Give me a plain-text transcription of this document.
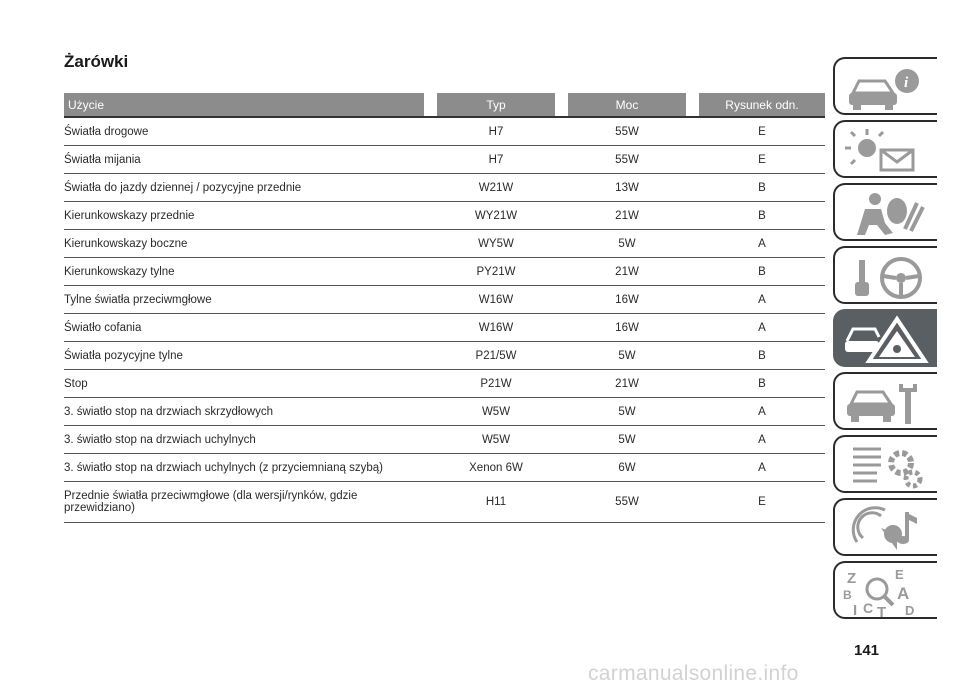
Żarówki
Użycie		Typ		Moc		Rysunek odn.
Światła drogowe		H7		55W		E
Światła mijania		H7		55W		E
Światła do jazdy dziennej / pozycyjne przednie		W21W		13W		B
Kierunkowskazy przednie		WY21W		21W		B
Kierunkowskazy boczne		WY5W		5W		A
Kierunkowskazy tylne		PY21W		21W		B
Tylne światła przeciwmgłowe		W16W		16W		A
Światło cofania		W16W		16W		A
Światła pozycyjne tylne		P21/5W		5W		B
Stop		P21W		21W		B
3. światło stop na drzwiach skrzydłowych		W5W		5W		A
3. światło stop na drzwiach uchylnych		W5W		5W		A
3. światło stop na drzwiach uchylnych (z przyciemnianą szybą)		Xenon 6W		6W		A
Przednie światła przeciwmgłowe (dla wersji/rynków, gdzie przewidziano)		H11		55W		E
i
Z	E
B	A
I C T D
141
carmanualsonline.info
